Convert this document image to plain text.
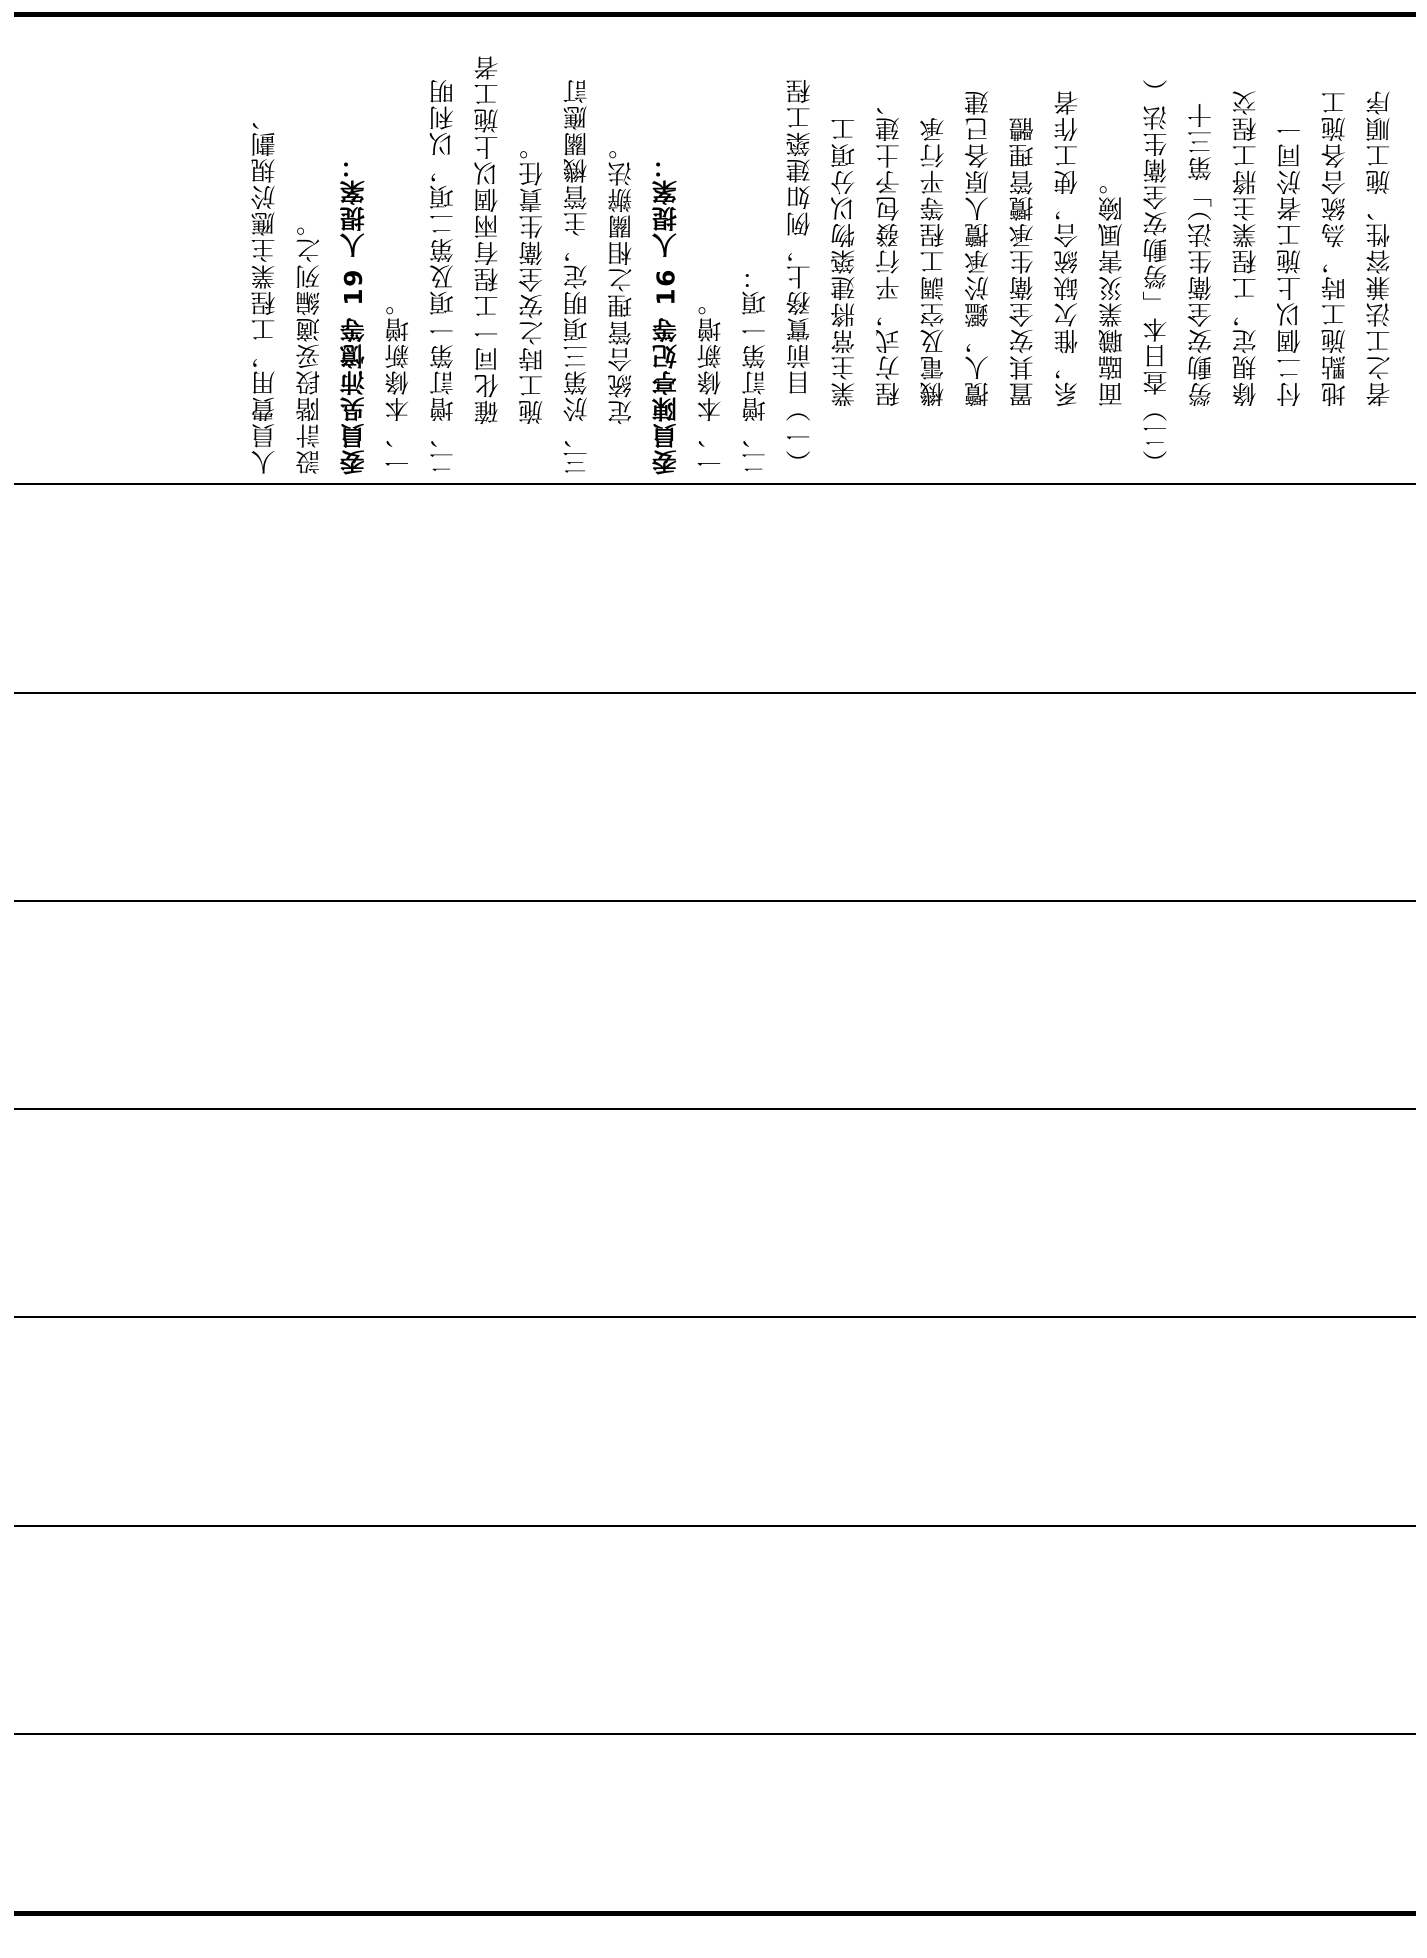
人員費用，工程業主應於規劃、 設計階段妥適編列之。 委員吳沛憶等 19 人提案： 一、本條新增。 二、增訂第一項及第二項，以利明 確化同一工程有兩個以上施工者 施工時之安全衛生責任。 三、於第三項明定，主管機關應訂 定統合管理之相關辦法。 委員陳亭妃等 16 人提案： 一、本條新增。 二、增訂第一項： （一）目前實務上，例如建築工程 業主常將建築物以分項工 程方式，平行發包予土建、 機電及空調工程等平行承 攬人，鑑於承攬人原各已建 置其安全衛生承攬管理體 系，惟欠缺統合，使工作者 面臨職業災害風險。 （二）查日本「勞動安全衛生法（ 勞動安全衛生法）」第三十 條規定，工程業主將工程交 付二個以上施工者於同一 地點施工時，為統合各施工 者之工法兼容性、施工順序
